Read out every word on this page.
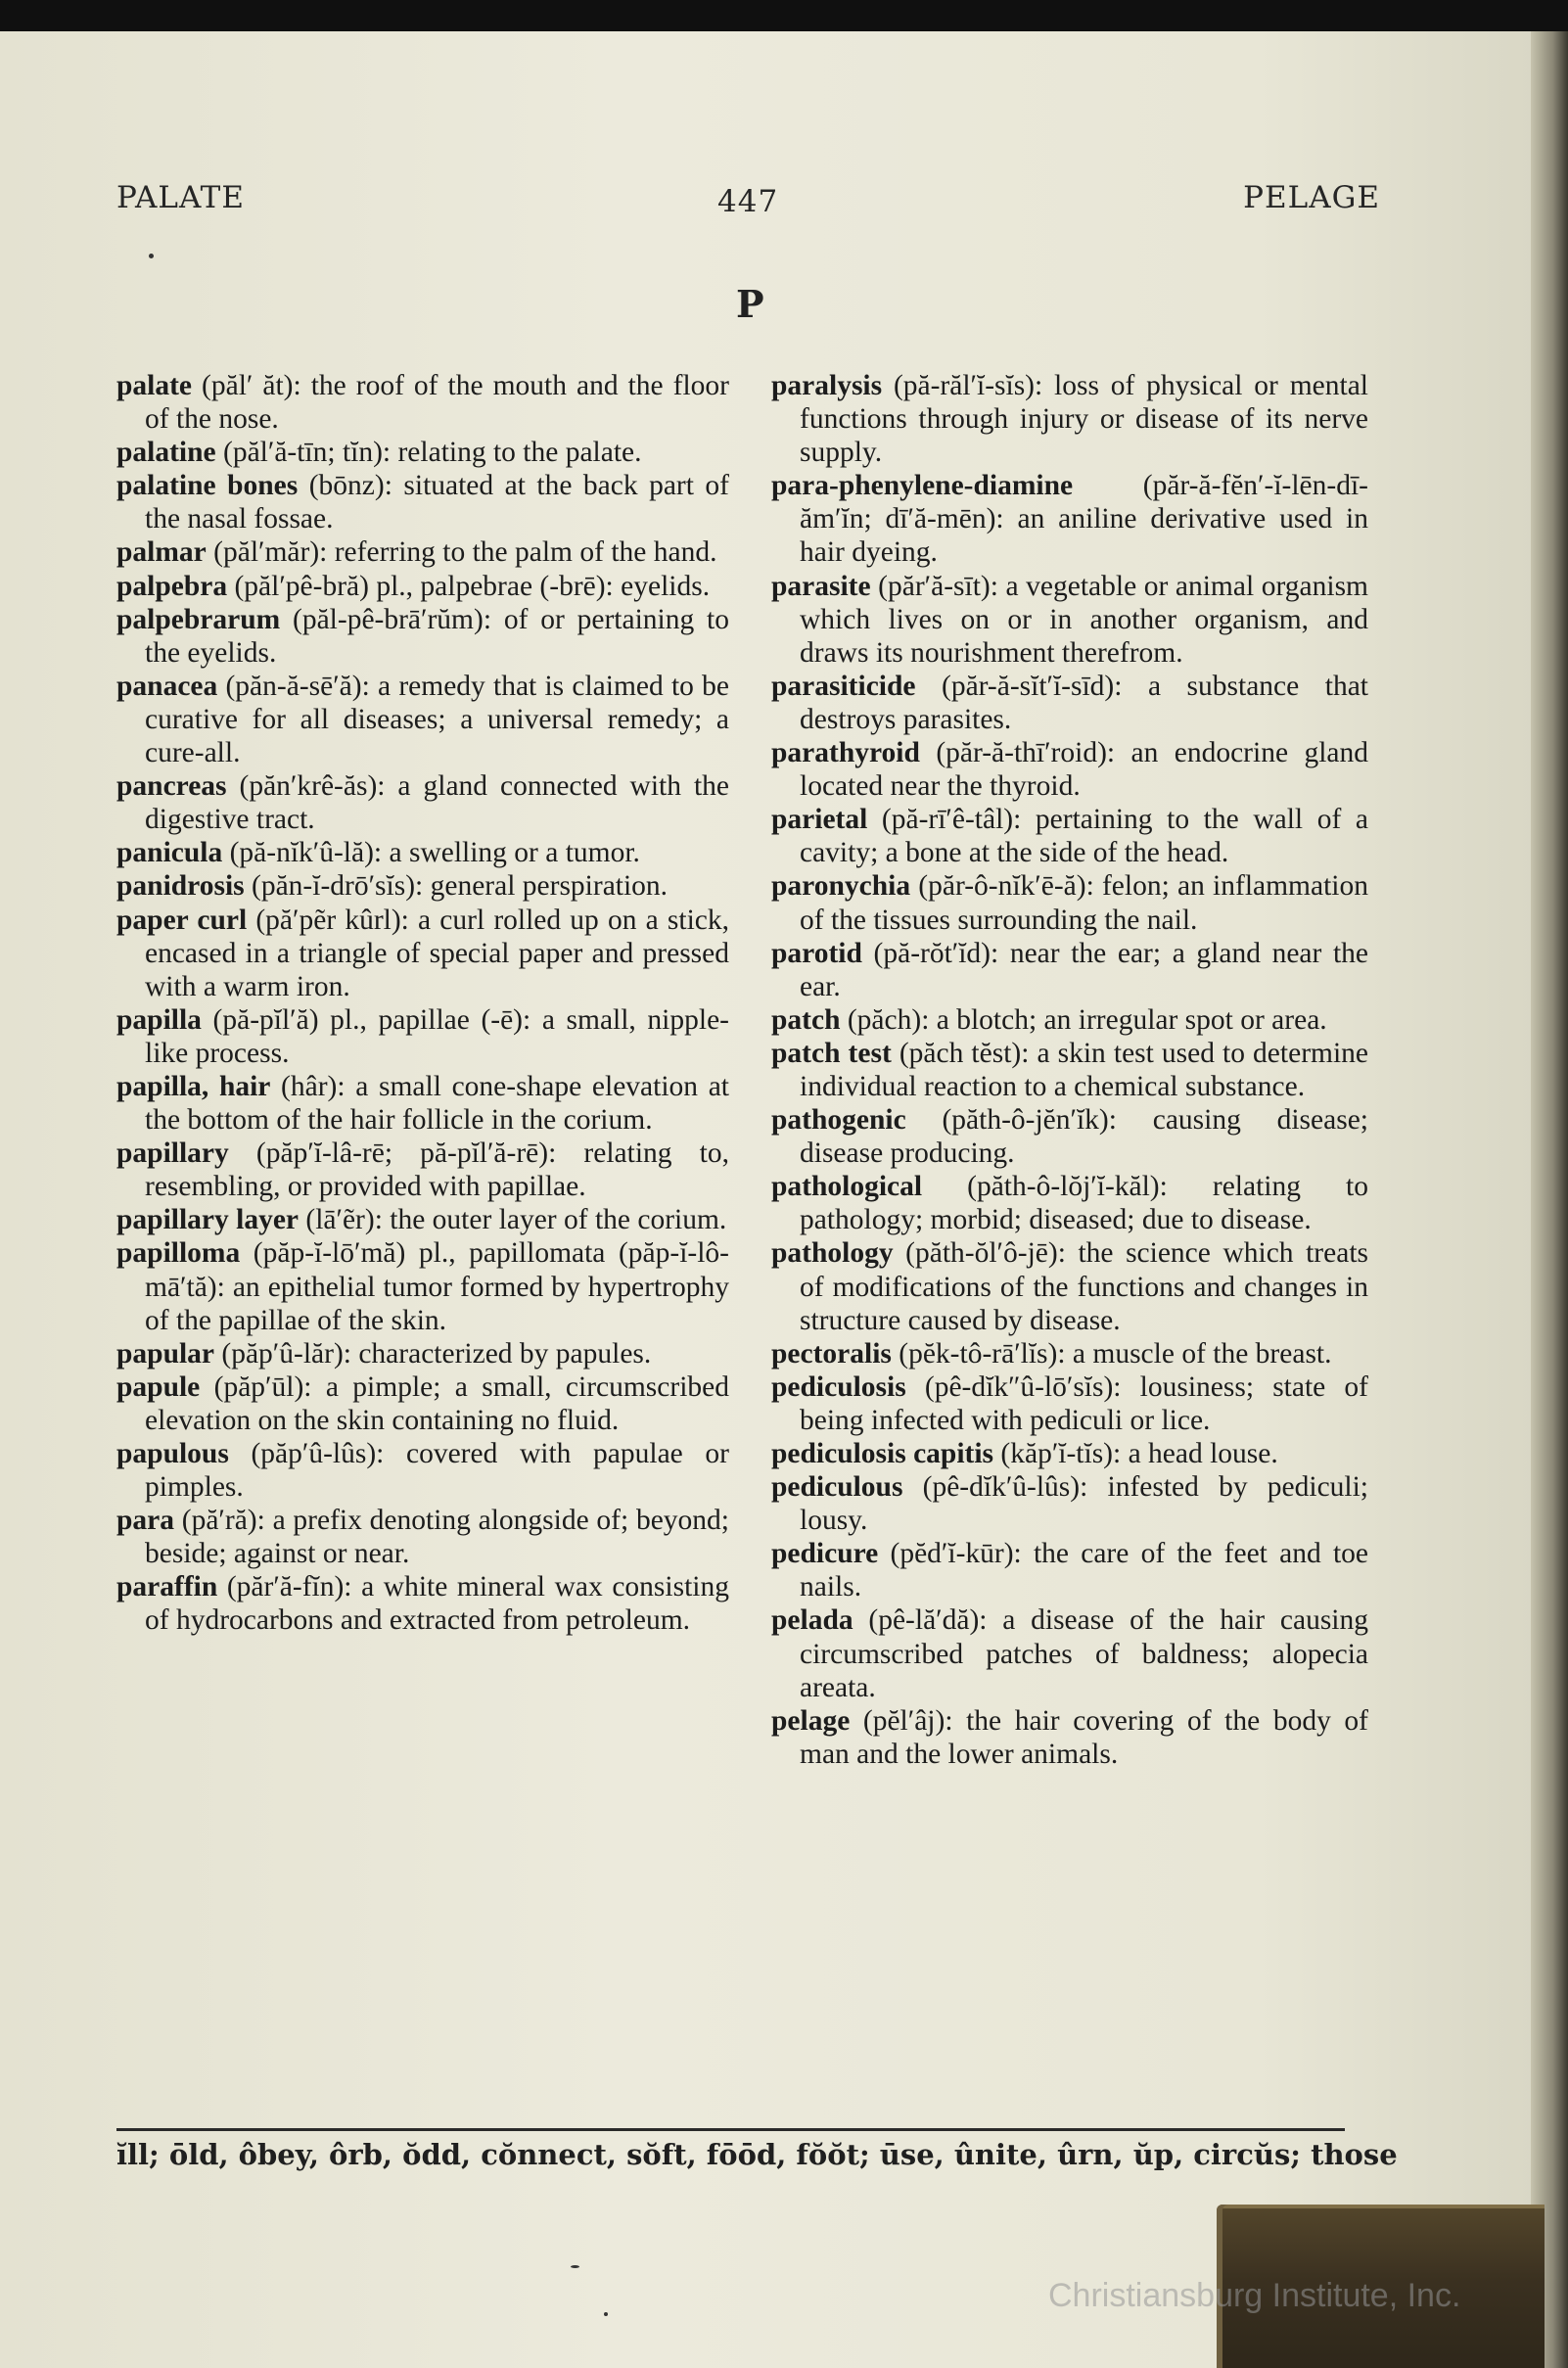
PALATE	447	PELAGE
P

palate (păl′ ăt): the roof of the mouth and the floor of the nose.

palatine (păl′ă-tīn; tĭn): relating to the palate.

palatine bones (bōnz): situated at the back part of the nasal fossae.

palmar (păl′măr): referring to the palm of the hand.

palpebra (păl′pê-bră) pl., palpebrae (-brē): eyelids.

palpebrarum (păl-pê-brā′rŭm): of or pertaining to the eyelids.

panacea (păn-ă-sē′ă): a remedy that is claimed to be curative for all diseases; a universal remedy; a cure-all.

pancreas (păn′krê-ăs): a gland connected with the digestive tract.

panicula (pă-nĭk′û-lă): a swelling or a tumor.

panidrosis (păn-ĭ-drō′sĭs): general perspiration.

paper curl (pă′pẽr kûrl): a curl rolled up on a stick, encased in a triangle of special paper and pressed with a warm iron.

papilla (pă-pĭl′ă) pl., papillae (-ē): a small, nipple-like process.

papilla, hair (hâr): a small cone-shape elevation at the bottom of the hair follicle in the corium.

papillary (păp′ĭ-lâ-rē; pă-pĭl′ă-rē): relating to, resembling, or provided with papillae.

papillary layer (lā′ẽr): the outer layer of the corium.

papilloma (păp-ĭ-lō′mă) pl., papillomata (păp-ĭ-lô-mā′tă): an epithelial tumor formed by hypertrophy of the papillae of the skin.

papular (păp′û-lăr): characterized by papules.

papule (păp′ūl): a pimple; a small, circumscribed elevation on the skin containing no fluid.

papulous (păp′û-lûs): covered with papulae or pimples.

para (pă′ră): a prefix denoting alongside of; beyond; beside; against or near.

paraffin (păr′ă-fĭn): a white mineral wax consisting of hydrocarbons and extracted from petroleum.

paralysis (pă-răl′ĭ-sĭs): loss of physical or mental functions through injury or disease of its nerve supply.

para-phenylene-diamine (păr-ă-fĕn′-ĭ-lēn-dī-ăm′ĭn; dī′ă-mēn): an aniline derivative used in hair dyeing.

parasite (păr′ă-sīt): a vegetable or animal organism which lives on or in another organism, and draws its nourishment therefrom.

parasiticide (păr-ă-sĭt′ĭ-sīd): a substance that destroys parasites.

parathyroid (păr-ă-thī′roid): an endocrine gland located near the thyroid.

parietal (pă-rī′ê-tâl): pertaining to the wall of a cavity; a bone at the side of the head.

paronychia (păr-ô-nĭk′ē-ă): felon; an inflammation of the tissues surrounding the nail.

parotid (pă-rŏt′ĭd): near the ear; a gland near the ear.

patch (păch): a blotch; an irregular spot or area.

patch test (păch tĕst): a skin test used to determine individual reaction to a chemical substance.

pathogenic (păth-ô-jĕn′ĭk): causing disease; disease producing.

pathological (păth-ô-lŏj′ĭ-kăl): relating to pathology; morbid; diseased; due to disease.

pathology (păth-ŏl′ô-jē): the science which treats of modifications of the functions and changes in structure caused by disease.

pectoralis (pĕk-tô-rā′lĭs): a muscle of the breast.

pediculosis (pê-dĭk″û-lō′sĭs): lousiness; state of being infected with pediculi or lice.

pediculosis capitis (kăp′ĭ-tĭs): a head louse.

pediculous (pê-dĭk′û-lûs): infested by pediculi; lousy.

pedicure (pĕd′ĭ-kūr): the care of the feet and toe nails.

pelada (pê-lă′dă): a disease of the hair causing circumscribed patches of baldness; alopecia areata.

pelage (pĕl′âj): the hair covering of the body of man and the lower animals.

ĭll; ōld, ôbey, ôrb, ŏdd, cŏnnect, sŏft, fōōd, fŏŏt; ūse, ûnite, ûrn, ŭp, circŭs; those
Christiansburg Institute, Inc.
